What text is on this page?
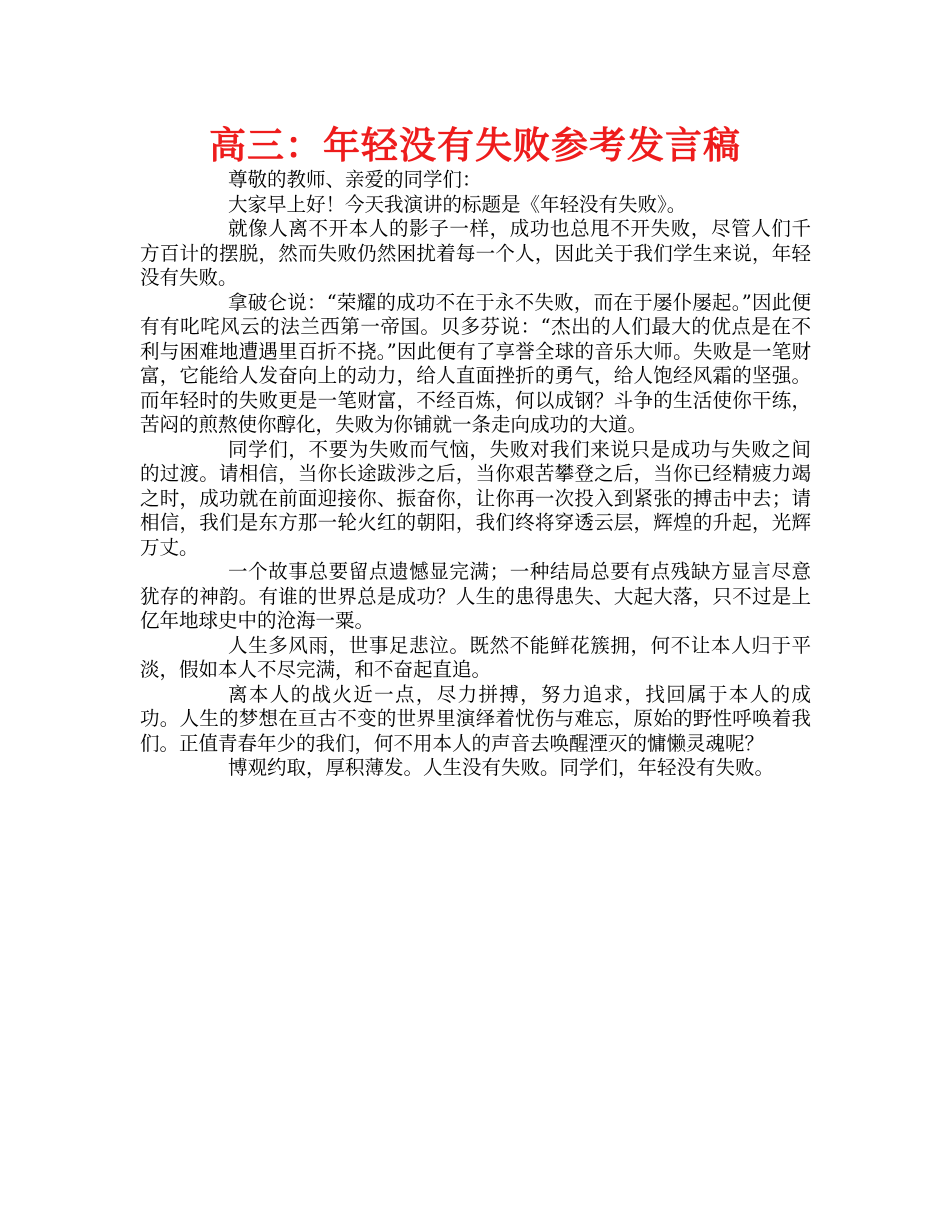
高三：年轻没有失败参考发言稿

尊敬的教师、亲爱的同学们：

大家早上好！今天我演讲的标题是《年轻没有失败》。

就像人离不开本人的影子一样，成功也总甩不开失败，尽管人们千方百计的摆脱，然而失败仍然困扰着每一个人，因此关于我们学生来说，年轻没有失败。

拿破仑说：“荣耀的成功不在于永不失败，而在于屡仆屡起。”因此便有有叱咤风云的法兰西第一帝国。贝多芬说：“杰出的人们最大的优点是在不利与困难地遭遇里百折不挠。”因此便有了享誉全球的音乐大师。失败是一笔财富，它能给人发奋向上的动力，给人直面挫折的勇气，给人饱经风霜的坚强。而年轻时的失败更是一笔财富，不经百炼，何以成钢？斗争的生活使你干练，苦闷的煎熬使你醇化，失败为你铺就一条走向成功的大道。

同学们，不要为失败而气恼，失败对我们来说只是成功与失败之间的过渡。请相信，当你长途跋涉之后，当你艰苦攀登之后，当你已经精疲力竭之时，成功就在前面迎接你、振奋你，让你再一次投入到紧张的搏击中去；请相信，我们是东方那一轮火红的朝阳，我们终将穿透云层，辉煌的升起，光辉万丈。

一个故事总要留点遗憾显完满；一种结局总要有点残缺方显言尽意犹存的神韵。有谁的世界总是成功？人生的患得患失、大起大落，只不过是上亿年地球史中的沧海一粟。

人生多风雨，世事足悲泣。既然不能鲜花簇拥，何不让本人归于平淡，假如本人不尽完满，和不奋起直追。

离本人的战火近一点，尽力拼搏，努力追求，找回属于本人的成功。人生的梦想在亘古不变的世界里演绎着忧伤与难忘，原始的野性呼唤着我们。正值青春年少的我们，何不用本人的声音去唤醒湮灭的慵懒灵魂呢？

博观约取，厚积薄发。人生没有失败。同学们，年轻没有失败。
